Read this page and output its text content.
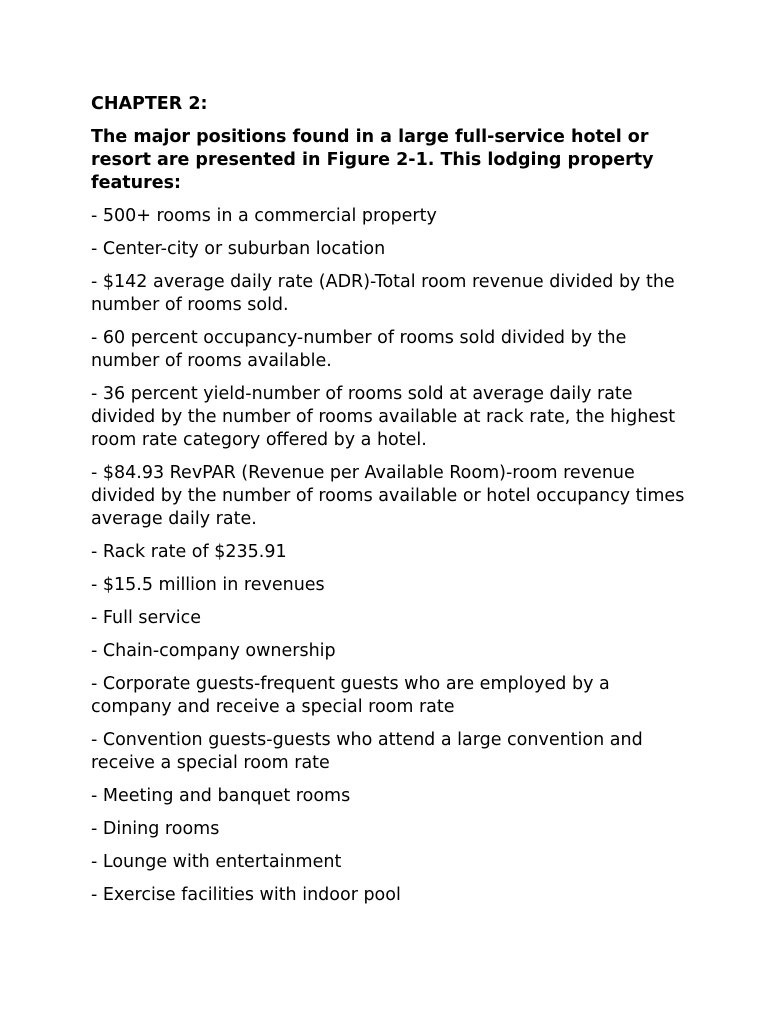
CHAPTER 2:
The major positions found in a large full-service hotel or resort are presented in Figure 2-1. This lodging property features:
- 500+ rooms in a commercial property
- Center-city or suburban location
- $142 average daily rate (ADR)-Total room revenue divided by the number of rooms sold.
- 60 percent occupancy-number of rooms sold divided by the number of rooms available.
- 36 percent yield-number of rooms sold at average daily rate divided by the number of rooms available at rack rate, the highest room rate category offered by a hotel.
- $84.93 RevPAR (Revenue per Available Room)-room revenue divided by the number of rooms available or hotel occupancy times average daily rate.
- Rack rate of $235.91
- $15.5 million in revenues
- Full service
- Chain-company ownership
- Corporate guests-frequent guests who are employed by a company and receive a special room rate
- Convention guests-guests who attend a large convention and receive a special room rate
- Meeting and banquet rooms
- Dining rooms
- Lounge with entertainment
- Exercise facilities with indoor pool
